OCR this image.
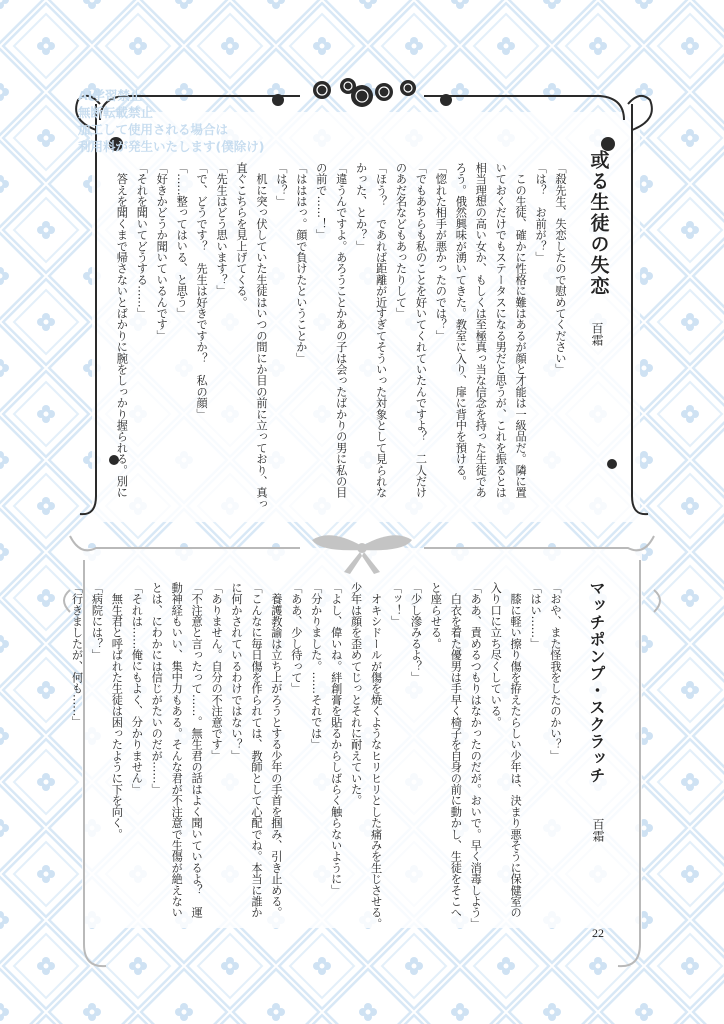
AI学習禁止
無断転載禁止
加工して使用される場合は
利用料が発生いたします(僕除け)
或る生徒の失恋
百霜

「殺先生、失恋したので慰めてください」

「は？　お前が？」

　この生徒、確かに性格に難はあるが顔と才能は一級品だ。隣に置

いておくだけでもステータスになる男だと思うが、これを振るとは

相当理想の高い女か、もしくは至極真っ当な信念を持った生徒であ

ろう。俄然興味が湧いてきた。教室に入り、扉に背中を預ける。

「惚れた相手が悪かったのでは？」

「でもあちらも私のことを好いてくれていたんですよ？　二人だけ

のあだ名などもあったりして」

「ほう？　であれば距離が近すぎてそういった対象として見られな

かった、とか？」

「違うんですよ。あろうことかあの子は会ったばかりの男に私の目

の前で……！」

「はははっ。顔で負けたということか」

「は？」

　机に突っ伏していた生徒はいつの間にか目の前に立っており、真っ

直ぐこちらを見上げてくる。

「先生はどう思います？」

「で、どうです？　先生は好きですか？　私の顔」

「……整ってはいる、と思う」

「好きかどうか聞いているんです」

「それを聞いてどうする……」

　答えを聞くまで帰さないとばかりに腕をしっかり握られる。別に

マッチポンプ・スクラッチ
百霜

「おや、また怪我をしたのかい？」

「はい……」

　膝に軽い擦り傷を拵えたらしい少年は、決まり悪そうに保健室の

入り口に立ち尽くしている。

「ああ、責めるつもりはなかったのだが。おいで。早く消毒しよう」

　白衣を着た優男は手早く椅子を自身の前に動かし、生徒をそこへ

と座らせる。

「少し滲みるよ？」

「ッ！」

　オキシドールが傷を焼くようなヒリヒリとした痛みを生じさせる。

少年は顔を歪めてじっとそれに耐えていた。

「よし、偉いね。絆創膏を貼るからしばらく触らないように」

「分かりました。……それでは」

「ああ、少し待って」

　養護教諭は立ち上がろうとする少年の手首を掴み、引き止める。

「こんなに毎日傷を作られては、教師として心配でね。本当に誰か

に何かされているわけではない？」

「ありません。自分の不注意です」

「不注意と言ったって……。無生君の話はよく聞いているよ？　運

動神経もいい、集中力もある。そんな君が不注意で生傷が絶えない

とは、にわかには信じがたいのだが……」

「それは……俺にもよく、分かりません」

　無生君と呼ばれた生徒は困ったように下を向く。

「病院には？」

「行きましたが、何も……」

22
